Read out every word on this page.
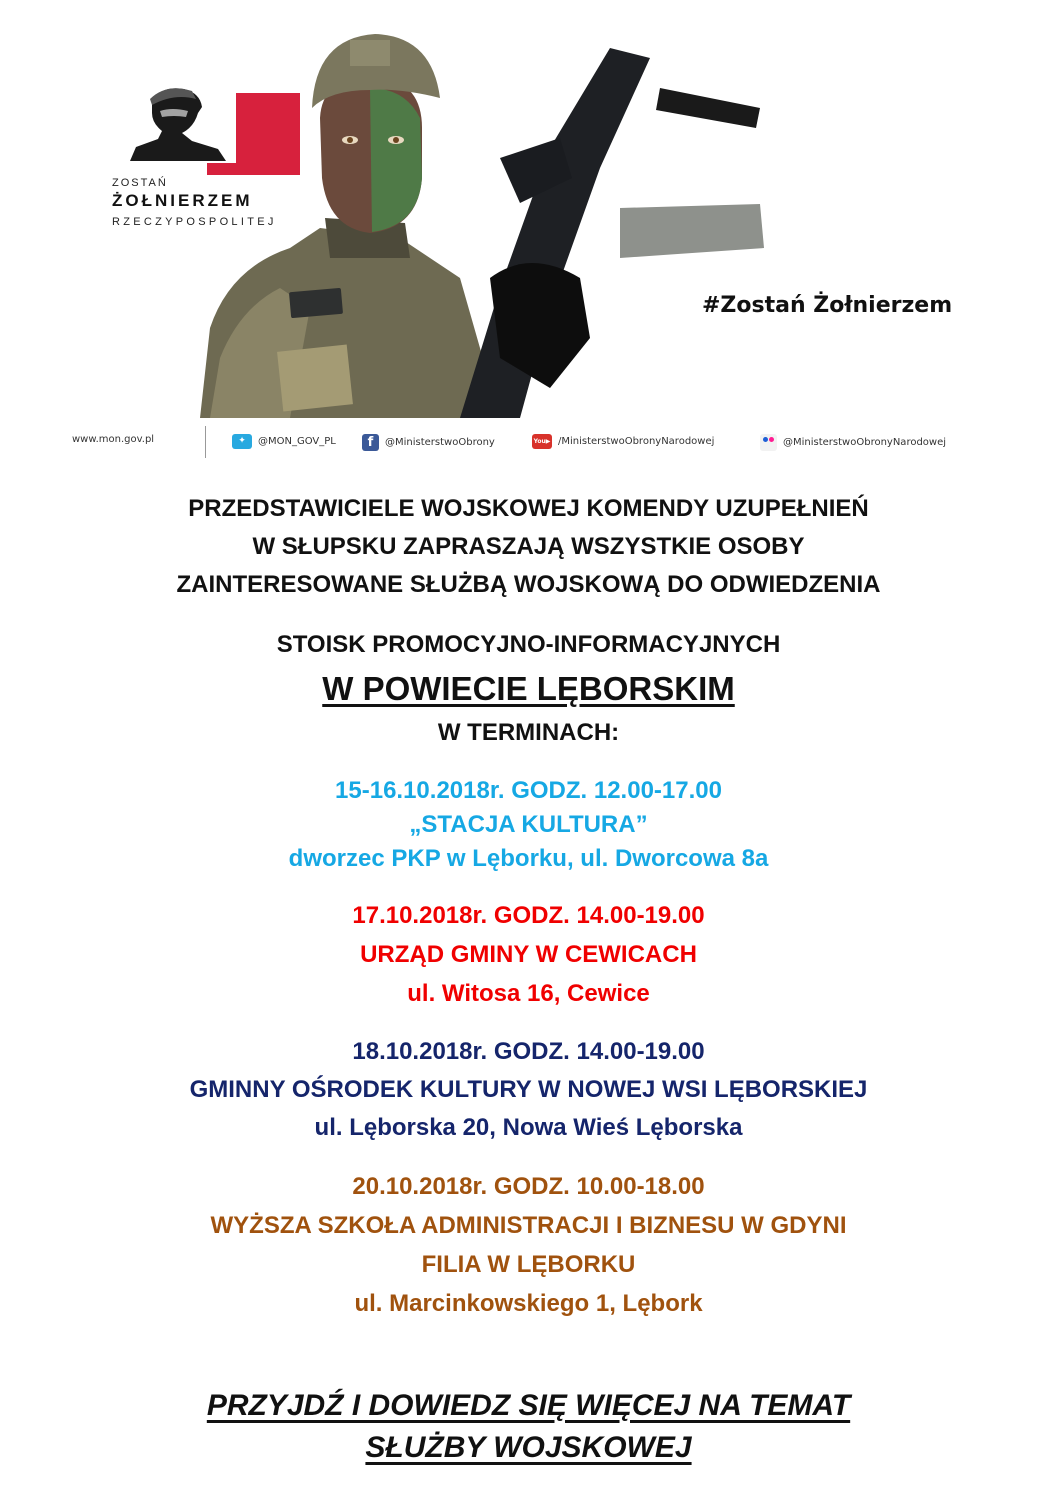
ZOSTAŃ
ŻOŁNIERZEM
RZECZYPOSPOLITEJ
#Zostań Żołnierzem
www.mon.gov.pl	✦	@MON_GOV_PL	f	@MinisterstwoObrony	You▶ /MinisterstwoObronyNarodowej	@MinisterstwoObronyNarodowej
PRZEDSTAWICIELE WOJSKOWEJ KOMENDY UZUPEŁNIEŃ
W SŁUPSKU ZAPRASZAJĄ WSZYSTKIE OSOBY
ZAINTERESOWANE SŁUŻBĄ WOJSKOWĄ DO ODWIEDZENIA
STOISK PROMOCYJNO-INFORMACYJNYCH
W POWIECIE LĘBORSKIM
W TERMINACH:
15-16.10.2018r. GODZ. 12.00-17.00
„STACJA KULTURA”
dworzec PKP w Lęborku, ul. Dworcowa 8a
17.10.2018r. GODZ. 14.00-19.00
URZĄD GMINY W CEWICACH
ul. Witosa 16, Cewice
18.10.2018r. GODZ. 14.00-19.00
GMINNY OŚRODEK KULTURY W NOWEJ WSI LĘBORSKIEJ
ul. Lęborska 20, Nowa Wieś Lęborska
20.10.2018r. GODZ. 10.00-18.00
WYŻSZA SZKOŁA ADMINISTRACJI I BIZNESU W GDYNI
FILIA W LĘBORKU
ul. Marcinkowskiego 1, Lębork
PRZYJDŹ I DOWIEDZ SIĘ WIĘCEJ NA TEMAT
SŁUŻBY WOJSKOWEJ
